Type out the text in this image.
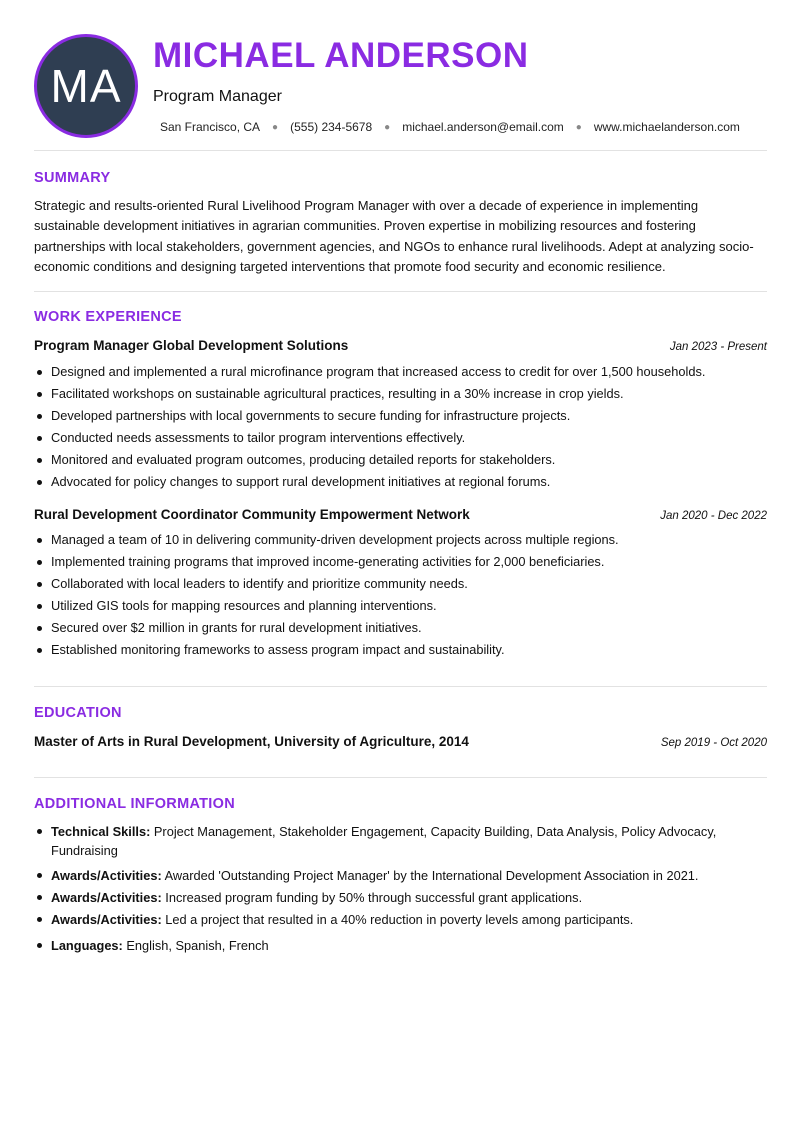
MA
MICHAEL ANDERSON
Program Manager
San Francisco, CA ● (555) 234-5678 ● michael.anderson@email.com ● www.michaelanderson.com
SUMMARY

Strategic and results-oriented Rural Livelihood Program Manager with over a decade of experience in implementing sustainable development initiatives in agrarian communities. Proven expertise in mobilizing resources and fostering partnerships with local stakeholders, government agencies, and NGOs to enhance rural livelihoods. Adept at analyzing socio-economic conditions and designing targeted interventions that promote food security and economic resilience.

WORK EXPERIENCE
Program Manager Global Development Solutions	Jan 2023 - Present
Designed and implemented a rural microfinance program that increased access to credit for over 1,500 households.
Facilitated workshops on sustainable agricultural practices, resulting in a 30% increase in crop yields.
Developed partnerships with local governments to secure funding for infrastructure projects.
Conducted needs assessments to tailor program interventions effectively.
Monitored and evaluated program outcomes, producing detailed reports for stakeholders.
Advocated for policy changes to support rural development initiatives at regional forums.
Rural Development Coordinator Community Empowerment Network	Jan 2020 - Dec 2022
Managed a team of 10 in delivering community-driven development projects across multiple regions.
Implemented training programs that improved income-generating activities for 2,000 beneficiaries.
Collaborated with local leaders to identify and prioritize community needs.
Utilized GIS tools for mapping resources and planning interventions.
Secured over $2 million in grants for rural development initiatives.
Established monitoring frameworks to assess program impact and sustainability.
EDUCATION
Master of Arts in Rural Development, University of Agriculture, 2014	Sep 2019 - Oct 2020
ADDITIONAL INFORMATION
Technical Skills: Project Management, Stakeholder Engagement, Capacity Building, Data Analysis, Policy Advocacy, Fundraising
Awards/Activities: Awarded 'Outstanding Project Manager' by the International Development Association in 2021.
Awards/Activities: Increased program funding by 50% through successful grant applications.
Awards/Activities: Led a project that resulted in a 40% reduction in poverty levels among participants.
Languages: English, Spanish, French
